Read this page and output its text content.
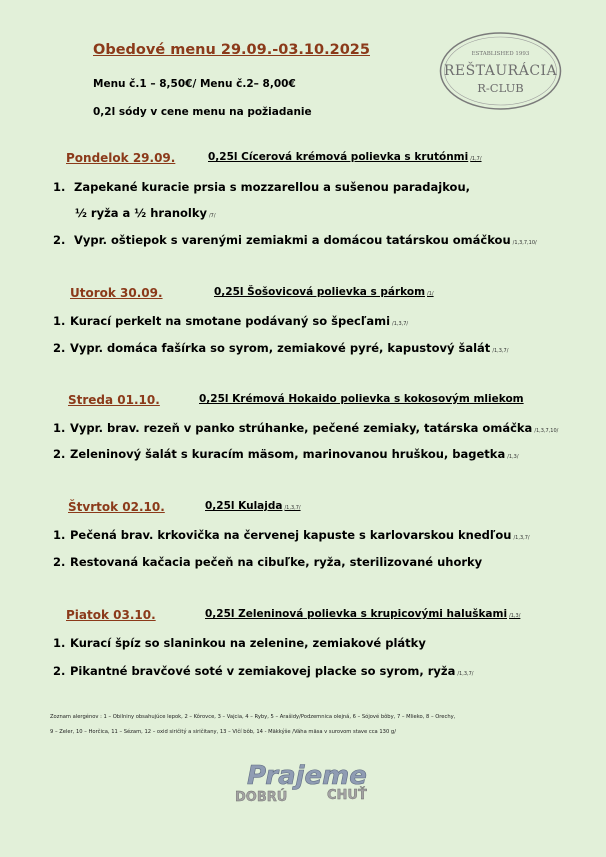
Obedové menu 29.09.-03.10.2025
Menu č.1 – 8,50€/ Menu č.2– 8,00€
0,2l sódy v cene menu na požiadanie
ESTABLISHED 1993
REŠTAURÁCIA
R-CLUB
Pondelok 29.09.	0,25l Cícerová krémová polievka s krutónmi /1,7/
1. Zapekané kuracie prsia s mozzarellou a sušenou paradajkou,
½ ryža a ½ hranolky /7/
2. Vypr. oštiepok s varenými zemiakmi a domácou tatárskou omáčkou /1,3,7,10/
Utorok 30.09.	0,25l Šošovicová polievka s párkom /1/
1. Kurací perkelt na smotane podávaný so špecľami /1,3,7/
2. Vypr. domáca fašírka so syrom, zemiakové pyré, kapustový šalát /1,3,7/
Streda 01.10.	0,25l Krémová Hokaido polievka s kokosovým mliekom
1. Vypr. brav. rezeň v panko strúhanke, pečené zemiaky, tatárska omáčka /1,3,7,10/
2. Zeleninový šalát s kuracím mäsom, marinovanou hruškou, bagetka /1,3/
Štvrtok 02.10.	0,25l Kulajda /1,3,7/
1. Pečená brav. krkovička na červenej kapuste s karlovarskou knedľou /1,3,7/
2. Restovaná kačacia pečeň na cibuľke, ryža, sterilizované uhorky
Piatok 03.10.	0,25l Zeleninová polievka s krupicovými haluškami /1,3/
1. Kurací špíz so slaninkou na zelenine, zemiakové plátky
2. Pikantné bravčové soté v zemiakovej placke so syrom, ryža /1,3,7/
Zoznam alergénov : 1 – Obilniny obsahujúce lepok, 2 – Kôrovce, 3 – Vajcia, 4 – Ryby, 5 – Arašidy/Podzemnica olejná, 6 – Sójové bôby, 7 – Mlieko, 8 – Orechy,
9 – Zeler, 10 – Horčica, 11 – Sézam, 12 – oxid siričitý a siričitany, 13 – Vlčí bôb, 14 - Mäkkýše /Váha mäsa v surovom stave cca 130 g/
Prajeme
DOBRÚ	CHUŤ
